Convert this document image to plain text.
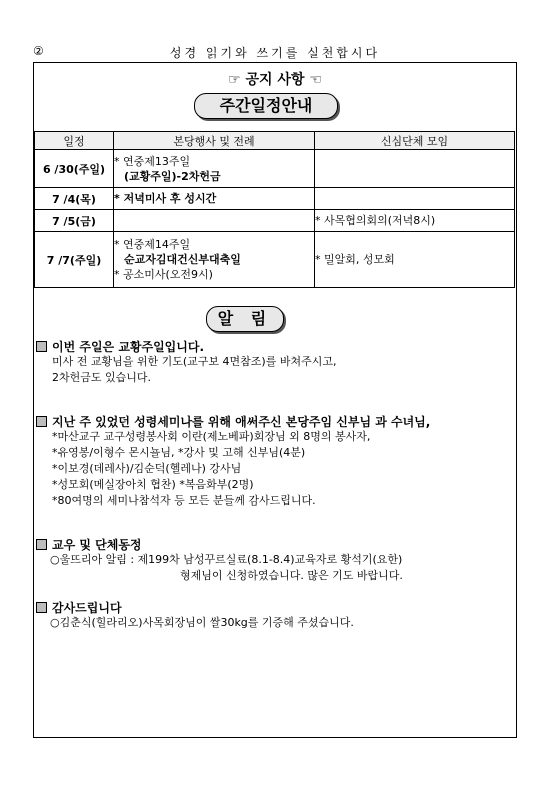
②	성경 읽기와 쓰기를 실천합시다
☞ 공지 사항 ☜
주간일정안내
일정	본당행사 및 전례	신심단체 모임
6 /30(주일)	* 연중제13주일
(교황주일)-2차헌금	

7 /4(목)	* 저녁미사 후 성시간	

7 /5(금)		* 사목협의회의(저녁8시)
7 /7(주일)	* 연중제14주일
순교자김대건신부대축일
* 공소미사(오전9시)	* 밀알회, 성모회
알 림
이번 주일은 교황주일입니다.
미사 전 교황님을 위한 기도(교구보 4면참조)를 바쳐주시고,
2차헌금도 있습니다.
지난 주 있었던 성령세미나를 위해 애써주신 본당주임 신부님 과 수녀님,
*마산교구 교구성령봉사회 이란(제노베파)회장님 외 8명의 봉사자,
*유영봉/이형수 몬시뇰님, *강사 및 고해 신부님(4분)
*이보경(데레사)/김순덕(헬레나) 강사님
*성모회(메실장아치 협찬) *복음화부(2명)
*80여명의 세미나참석자 등 모든 분들께 감사드립니다.
교우 및 단체동정
○울뜨리아 알림 : 제199차 남성꾸르실료(8.1-8.4)교육자로 황석기(요한)
형제님이 신청하였습니다. 많은 기도 바랍니다.
감사드립니다
○김춘식(힐라리오)사목회장님이 쌀30kg를 기증해 주셨습니다.
